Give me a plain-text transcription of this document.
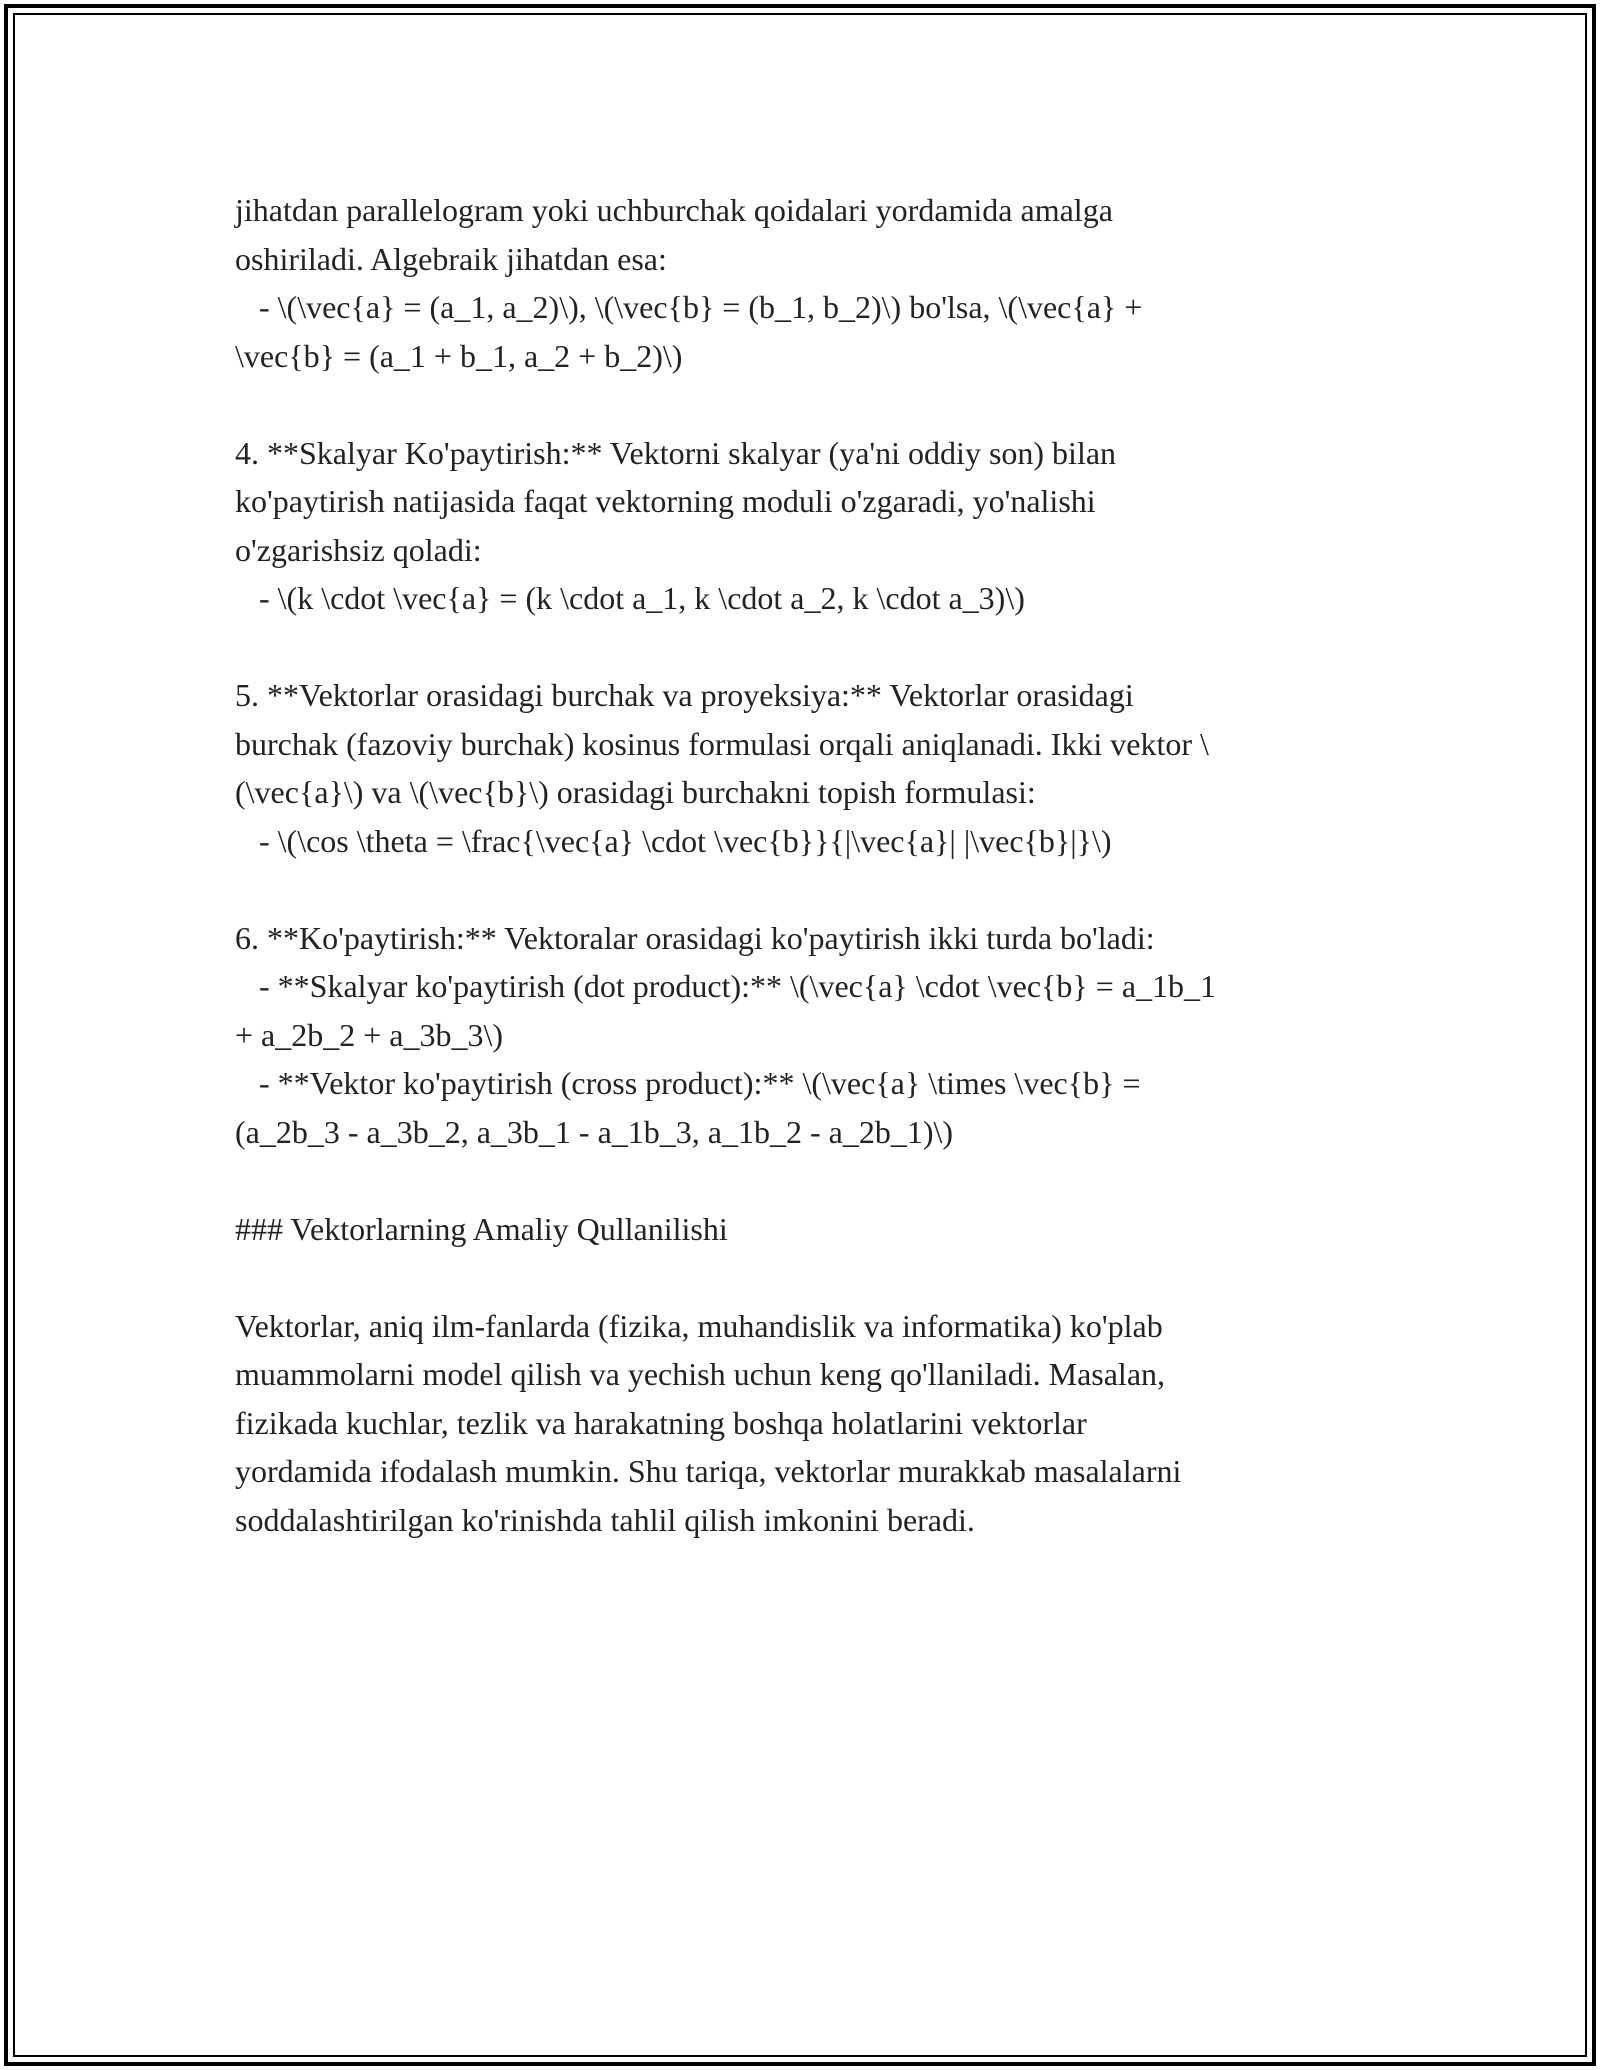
jihatdan parallelogram yoki uchburchak qoidalari yordamida amalga
oshiriladi. Algebraik jihatdan esa:
- \(\vec{a} = (a_1, a_2)\), \(\vec{b} = (b_1, b_2)\) bo'lsa, \(\vec{a} +
\vec{b} = (a_1 + b_1, a_2 + b_2)\)
4. **Skalyar Ko'paytirish:** Vektorni skalyar (ya'ni oddiy son) bilan
ko'paytirish natijasida faqat vektorning moduli o'zgaradi, yo'nalishi
o'zgarishsiz qoladi:
- \(k \cdot \vec{a} = (k \cdot a_1, k \cdot a_2, k \cdot a_3)\)
5. **Vektorlar orasidagi burchak va proyeksiya:** Vektorlar orasidagi
burchak (fazoviy burchak) kosinus formulasi orqali aniqlanadi. Ikki vektor \
(\vec{a}\) va \(\vec{b}\) orasidagi burchakni topish formulasi:
- \(\cos \theta = \frac{\vec{a} \cdot \vec{b}}{|\vec{a}| |\vec{b}|}\)
6. **Ko'paytirish:** Vektoralar orasidagi ko'paytirish ikki turda bo'ladi:
- **Skalyar ko'paytirish (dot product):** \(\vec{a} \cdot \vec{b} = a_1b_1
+ a_2b_2 + a_3b_3\)
- **Vektor ko'paytirish (cross product):** \(\vec{a} \times \vec{b} =
(a_2b_3 - a_3b_2, a_3b_1 - a_1b_3, a_1b_2 - a_2b_1)\)
### Vektorlarning Amaliy Qullanilishi
Vektorlar, aniq ilm-fanlarda (fizika, muhandislik va informatika) ko'plab
muammolarni model qilish va yechish uchun keng qo'llaniladi. Masalan,
fizikada kuchlar, tezlik va harakatning boshqa holatlarini vektorlar
yordamida ifodalash mumkin. Shu tariqa, vektorlar murakkab masalalarni
soddalashtirilgan ko'rinishda tahlil qilish imkonini beradi.
